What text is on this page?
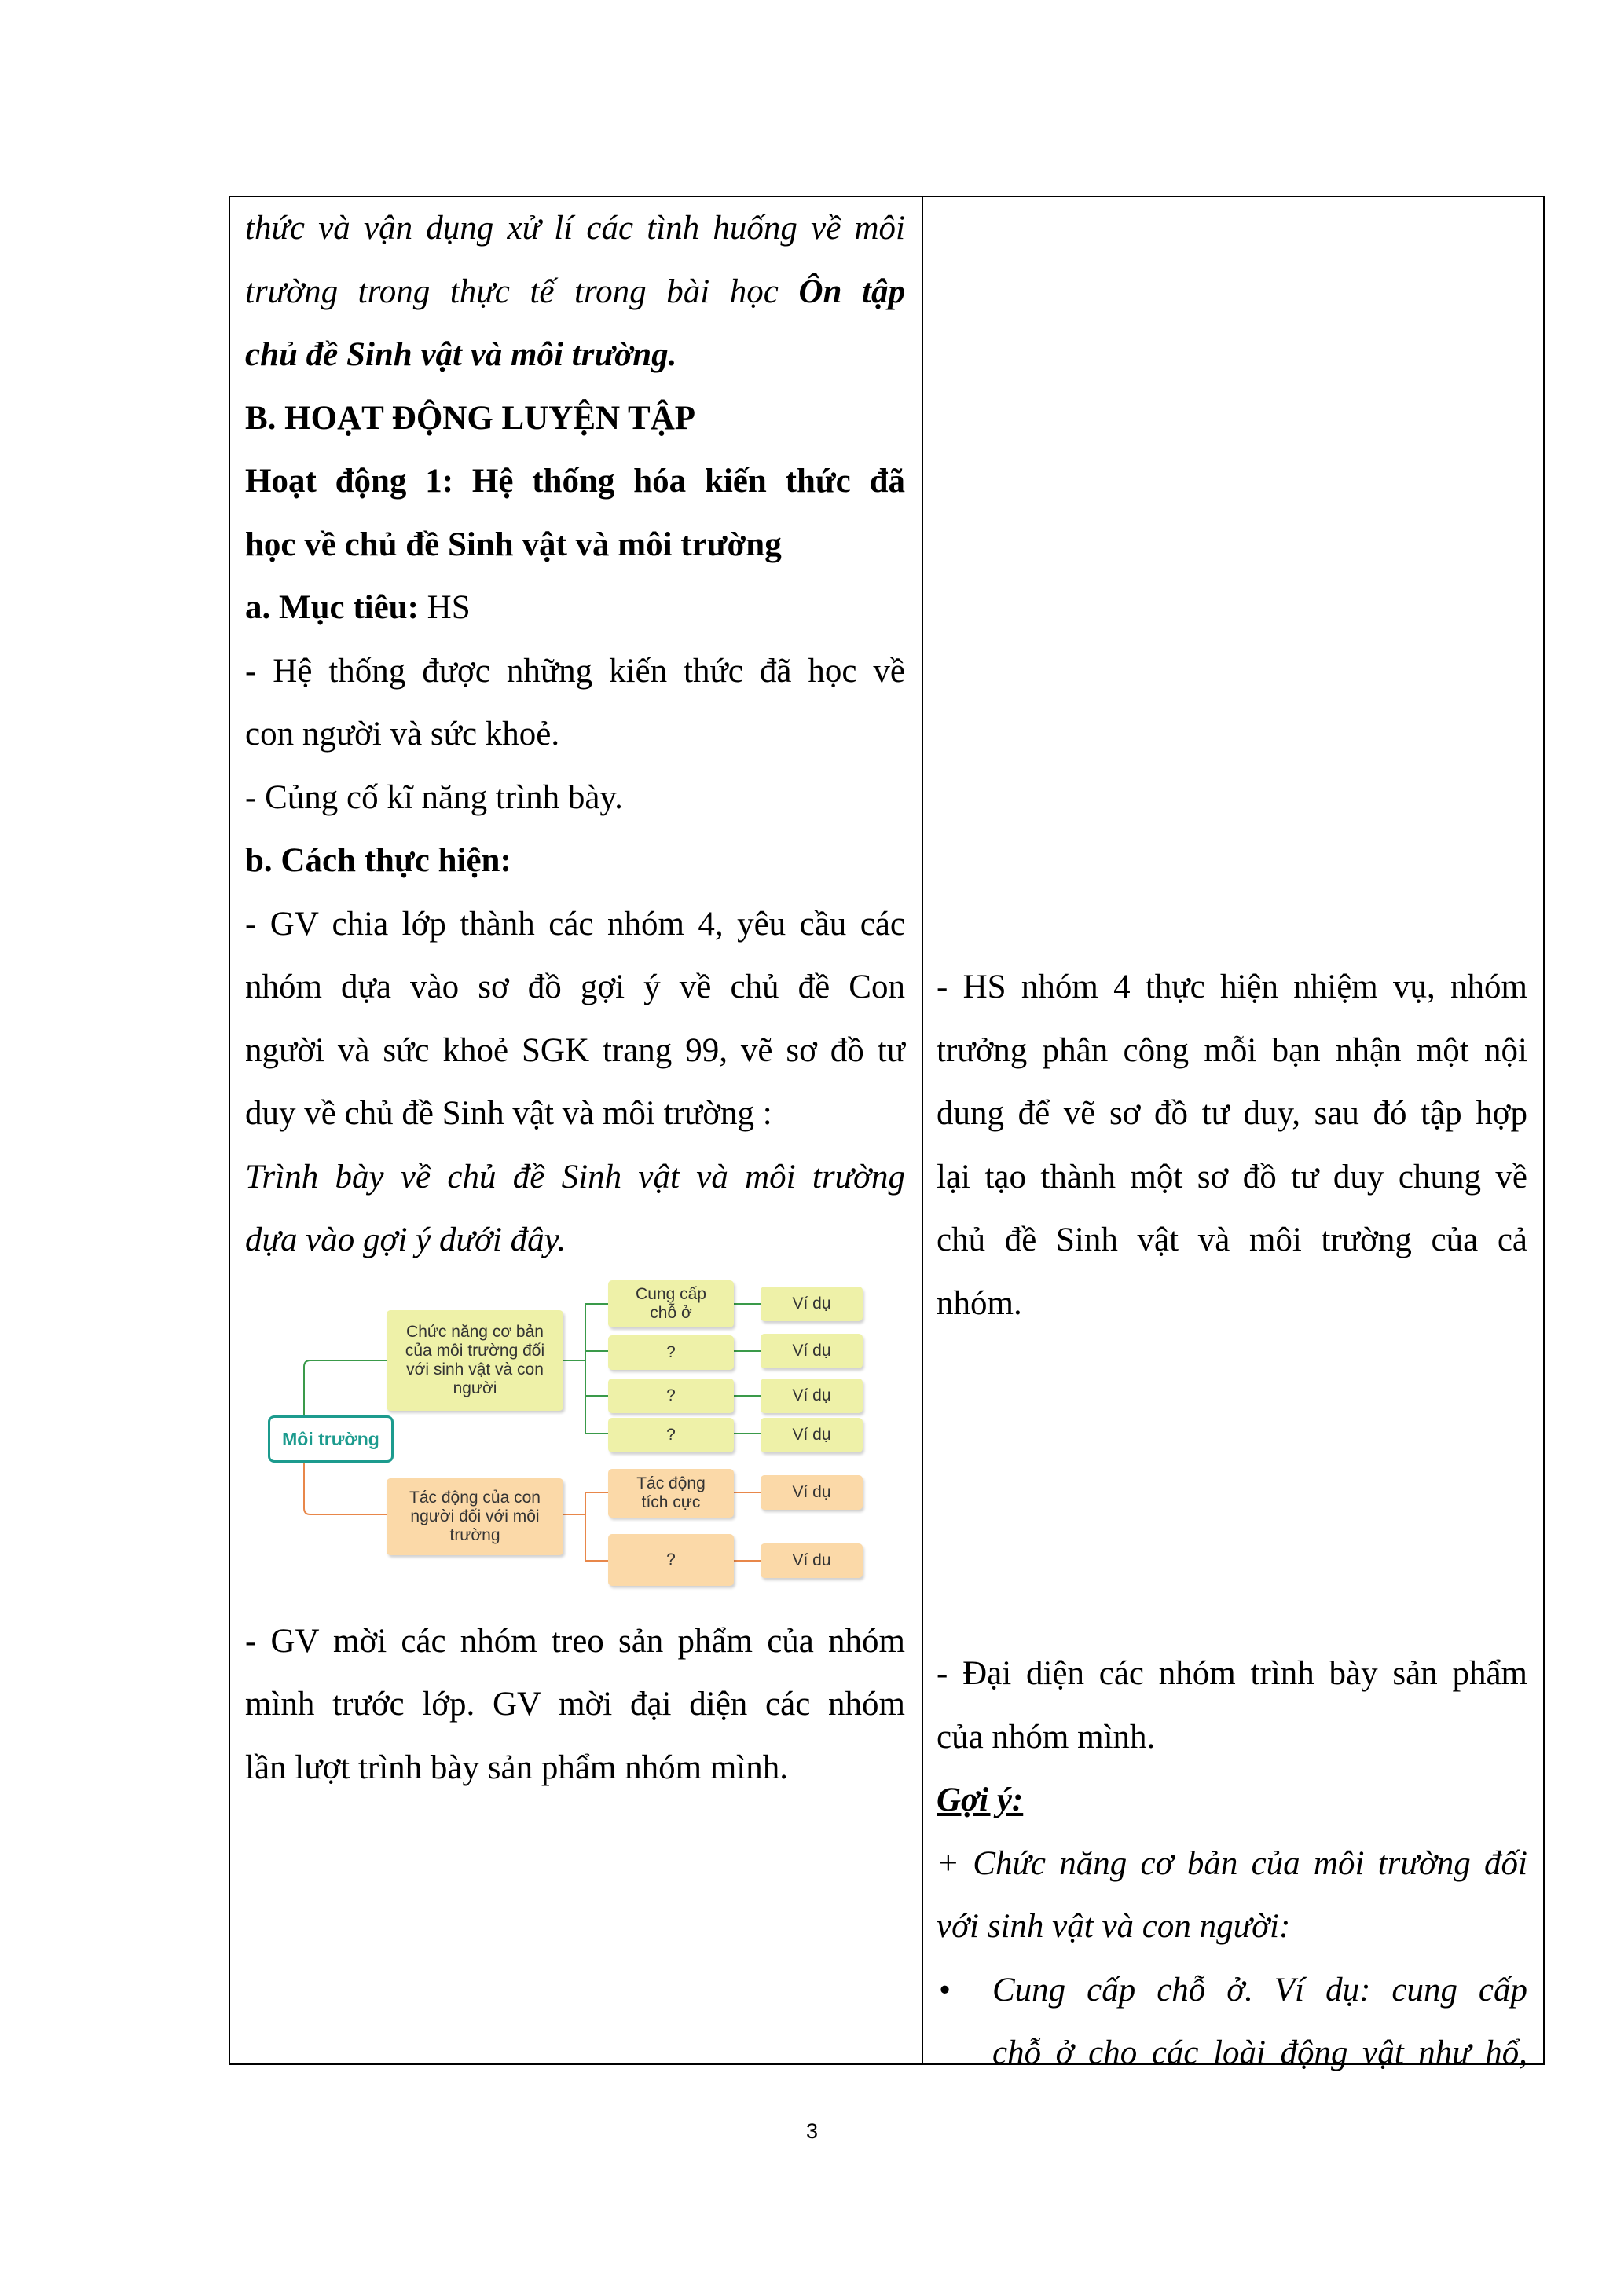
thức và vận dụng xử lí các tình huống về môi

trường trong thực tế trong bài học Ôn tập

chủ đề Sinh vật và môi trường.

B. HOẠT ĐỘNG LUYỆN TẬP

Hoạt động 1: Hệ thống hóa kiến thức đã

học về chủ đề Sinh vật và môi trường

a. Mục tiêu: HS

- Hệ thống được những kiến thức đã học về

con người và sức khoẻ.

- Củng cố kĩ năng trình bày.

b. Cách thực hiện:

- GV chia lớp thành các nhóm 4, yêu cầu các

nhóm dựa vào sơ đồ gợi ý về chủ đề Con

người và sức khoẻ SGK trang 99, vẽ sơ đồ tư

duy về chủ đề Sinh vật và môi trường :

Trình bày về chủ đề Sinh vật và môi trường

dựa vào gợi ý dưới đây.

Môi trường
Chức năng cơ bản của môi trường đối với sinh vật và con người
Tác động của con người đối với môi trường
Cung cấp chỗ ở
?
?
?
Tác động tích cực
?
Ví dụ
Ví dụ
Ví dụ
Ví dụ
Ví dụ
Ví du

- GV mời các nhóm treo sản phẩm của nhóm

mình trước lớp. GV mời đại diện các nhóm

lần lượt trình bày sản phẩm nhóm mình.

- HS nhóm 4 thực hiện nhiệm vụ, nhóm

trưởng phân công mỗi bạn nhận một nội

dung để vẽ sơ đồ tư duy, sau đó tập hợp

lại tạo thành một sơ đồ tư duy chung về

chủ đề Sinh vật và môi trường của cả

nhóm.

- Đại diện các nhóm trình bày sản phẩm

của nhóm mình.

Gợi ý:

+ Chức năng cơ bản của môi trường đối

với sinh vật và con người:

• Cung cấp chỗ ở. Ví dụ: cung cấp

chỗ ở cho các loài động vật như hổ,

3
